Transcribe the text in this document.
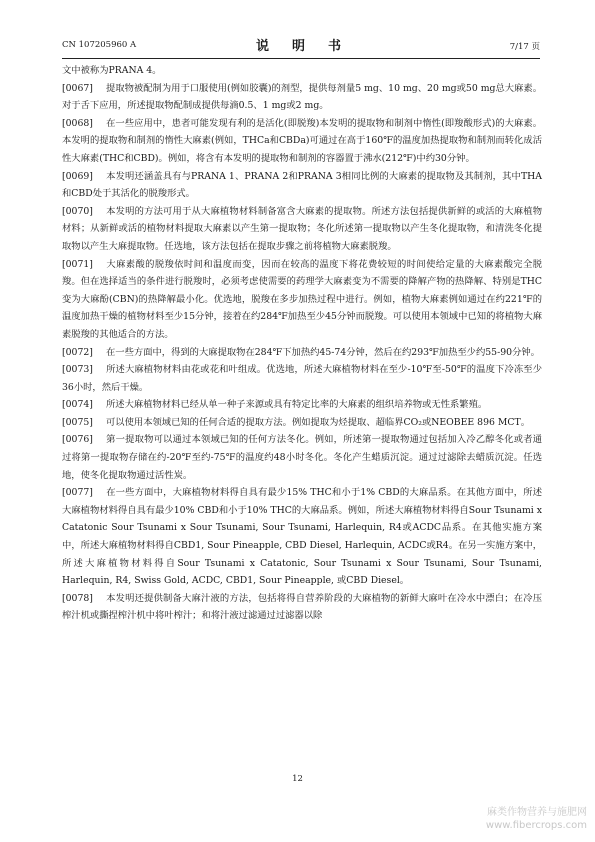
CN 107205960 A	说　明　书	7/17 页

文中被称为PRANA 4。

[0067] 提取物被配制为用于口服使用(例如胶囊)的剂型，提供每剂量5 mg、10 mg、20 mg或50 mg总大麻素。对于舌下应用，所述提取物配制成提供每滴0.5、1 mg或2 mg。

[0068] 在一些应用中，患者可能发现有利的是活化(即脱羧)本发明的提取物和制剂中惰性(即羧酸形式)的大麻素。本发明的提取物和制剂的惰性大麻素(例如，THCa和CBDa)可通过在高于160℉的温度加热提取物和制剂而转化成活性大麻素(THC和CBD)。例如，将含有本发明的提取物和制剂的容器置于沸水(212℉)中约30分钟。

[0069] 本发明还涵盖具有与PRANA 1、PRANA 2和PRANA 3相同比例的大麻素的提取物及其制剂，其中THA和CBD处于其活化的脱羧形式。

[0070] 本发明的方法可用于从大麻植物材料制备富含大麻素的提取物。所述方法包括提供新鲜的或活的大麻植物材料；从新鲜或活的植物材料提取大麻素以产生第一提取物；冬化所述第一提取物以产生冬化提取物，和清洗冬化提取物以产生大麻提取物。任选地，该方法包括在提取步骤之前将植物大麻素脱羧。

[0071] 大麻素酸的脱羧依时间和温度而变，因而在较高的温度下将花费较短的时间使给定量的大麻素酸完全脱羧。但在选择适当的条件进行脱羧时，必须考虑使需要的药理学大麻素变为不需要的降解产物的热降解、特别是THC变为大麻酚(CBN)的热降解最小化。优选地，脱羧在多步加热过程中进行。例如，植物大麻素例如通过在约221℉的温度加热干燥的植物材料至少15分钟，接着在约284℉加热至少45分钟而脱羧。可以使用本领域中已知的将植物大麻素脱羧的其他适合的方法。

[0072] 在一些方面中，得到的大麻提取物在284℉下加热约45-74分钟，然后在约293℉加热至少约55-90分钟。

[0073] 所述大麻植物材料由花或花和叶组成。优选地，所述大麻植物材料在至少-10℉至-50℉的温度下冷冻至少36小时，然后干燥。

[0074] 所述大麻植物材料已经从单一种子来源或具有特定比率的大麻素的组织培养物或无性系繁殖。

[0075] 可以使用本领域已知的任何合适的提取方法。例如提取为烃提取、超临界CO₂或NEOBEE 896 MCT。

[0076] 第一提取物可以通过本领域已知的任何方法冬化。例如，所述第一提取物通过包括加入冷乙醇冬化或者通过将第一提取物存储在约-20℉至约-75℉的温度约48小时冬化。冬化产生蜡质沉淀。通过过滤除去蜡质沉淀。任选地，使冬化提取物通过活性炭。

[0077] 在一些方面中，大麻植物材料得自具有最少15% THC和小于1% CBD的大麻品系。在其他方面中，所述大麻植物材料得自具有最少10% CBD和小于10% THC的大麻品系。例如，所述大麻植物材料得自Sour Tsunami x Catatonic Sour Tsunami x Sour Tsunami, Sour Tsunami, Harlequin, R4或ACDC品系。在其他实施方案中，所述大麻植物材料得自CBD1, Sour Pineapple, CBD Diesel, Harlequin, ACDC或R4。在另一实施方案中，所述大麻植物材料得自Sour Tsunami x Catatonic, Sour Tsunami x Sour Tsunami, Sour Tsunami, Harlequin, R4, Swiss Gold, ACDC, CBD1, Sour Pineapple, 或CBD Diesel。

[0078] 本发明还提供制备大麻汁液的方法，包括将得自营养阶段的大麻植物的新鲜大麻叶在冷水中漂白；在冷压榨汁机或撕捏榨汁机中将叶榨汁；和将汁液过滤通过过滤器以除

12
麻类作物营养与施肥网
www.fibercrops.com
